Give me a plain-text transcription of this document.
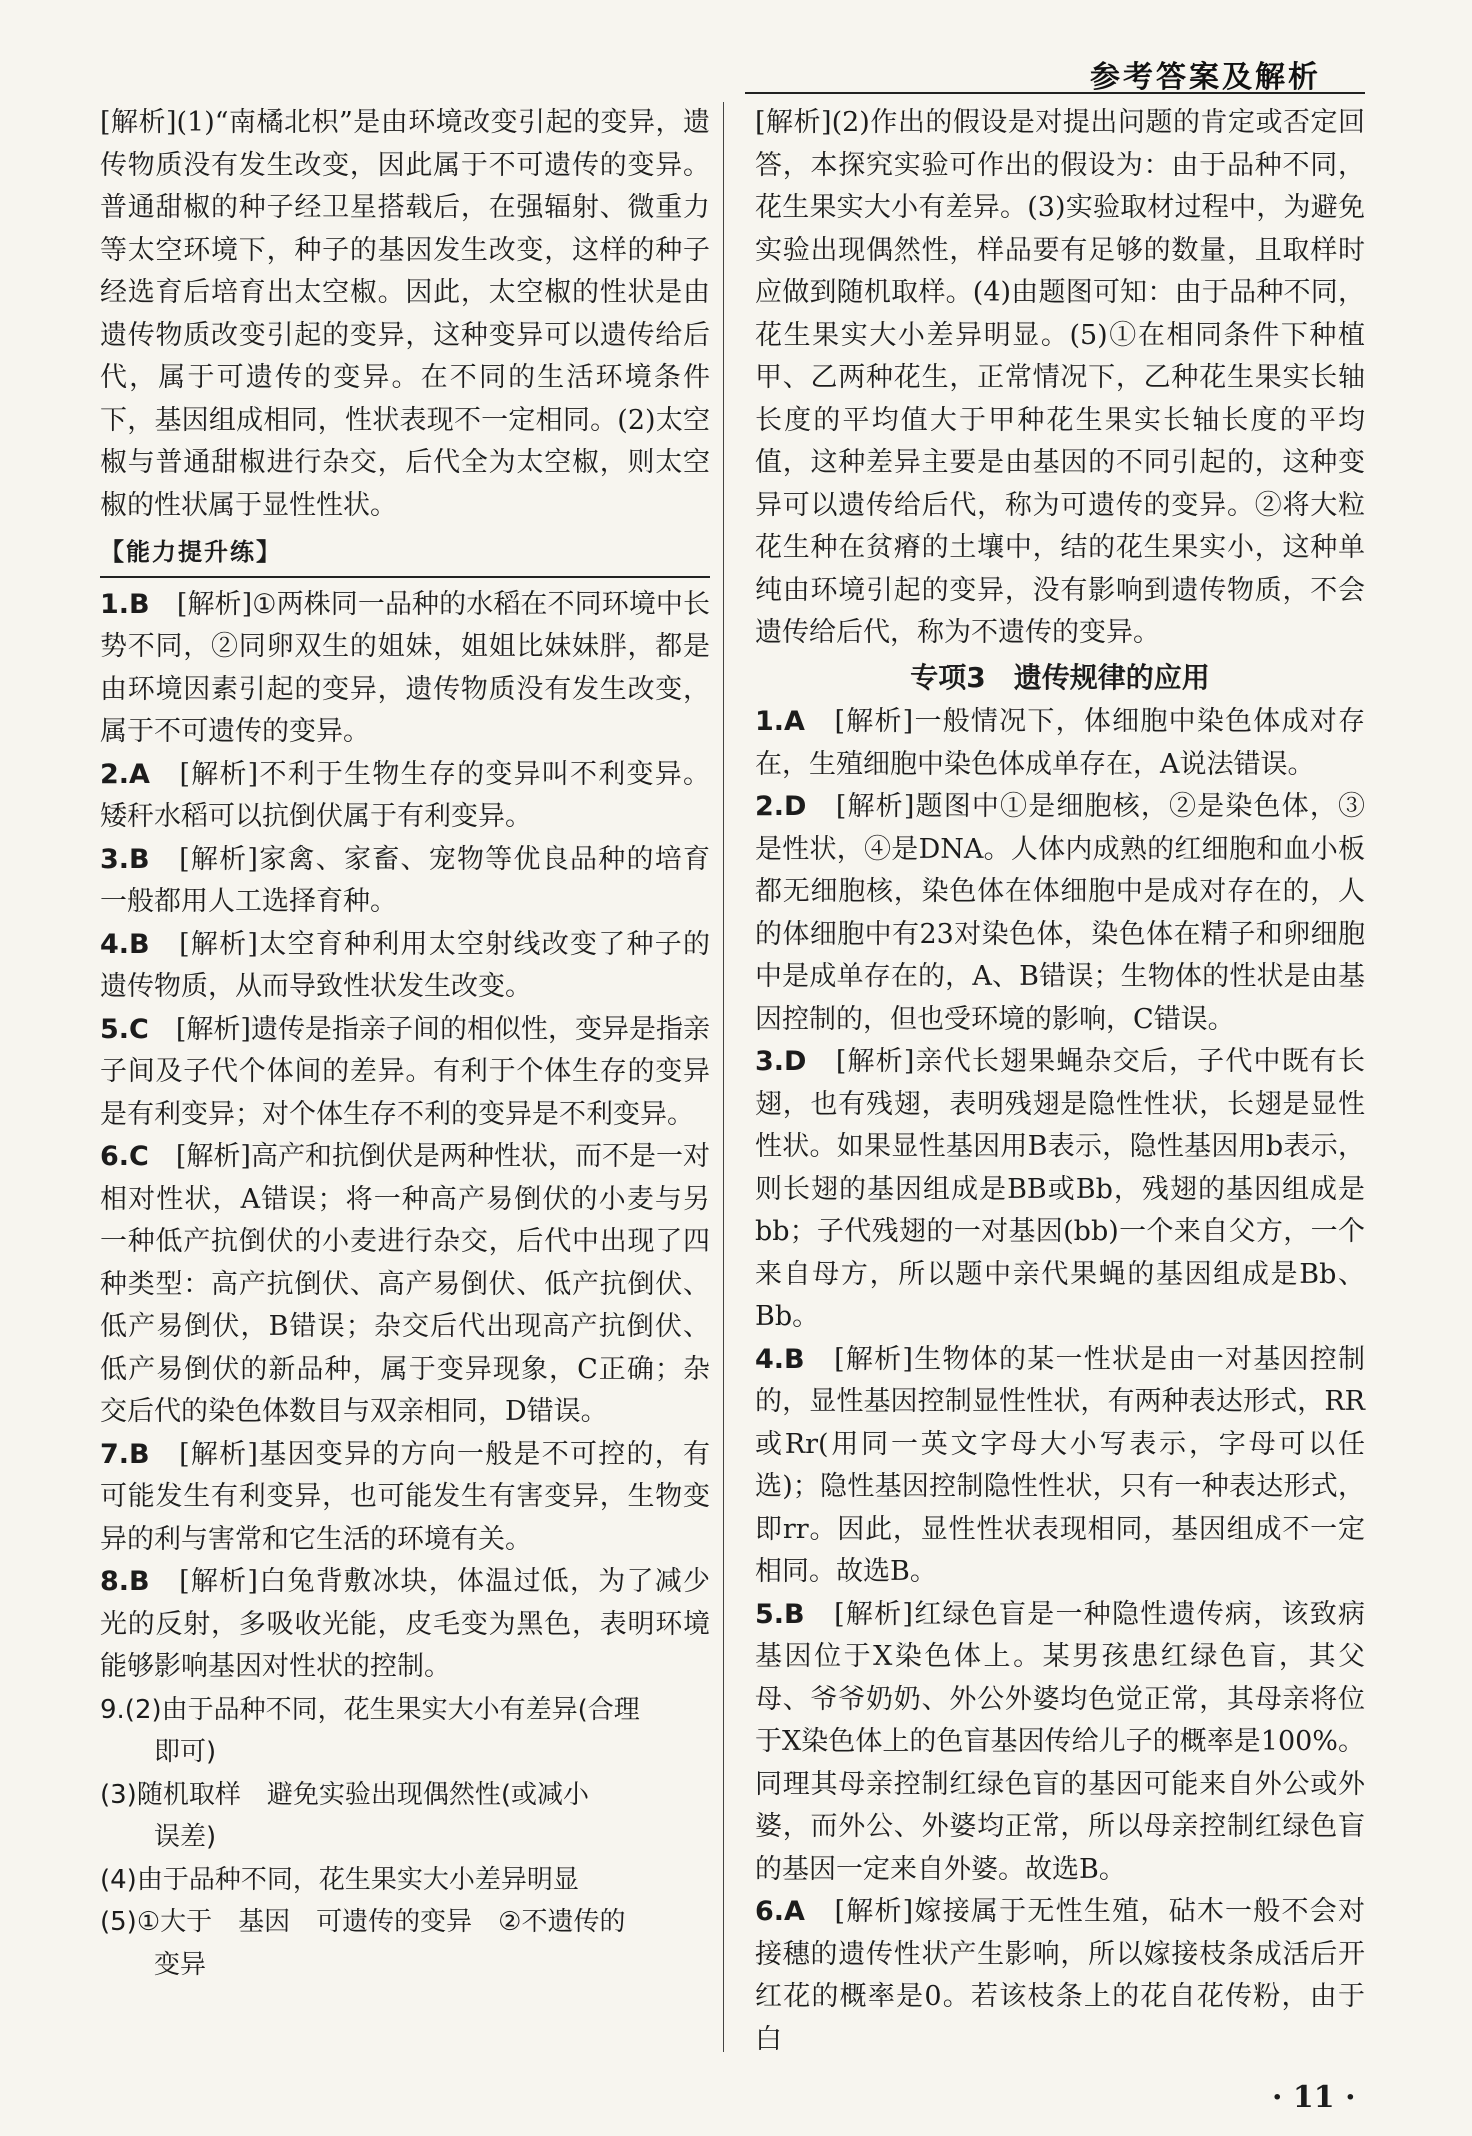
参考答案及解析

[解析](1)“南橘北枳”是由环境改变引起的变异，遗传物质没有发生改变，因此属于不可遗传的变异。普通甜椒的种子经卫星搭载后，在强辐射、微重力等太空环境下，种子的基因发生改变，这样的种子经选育后培育出太空椒。因此，太空椒的性状是由遗传物质改变引起的变异，这种变异可以遗传给后代，属于可遗传的变异。在不同的生活环境条件下，基因组成相同，性状表现不一定相同。(2)太空椒与普通甜椒进行杂交，后代全为太空椒，则太空椒的性状属于显性性状。

【能力提升练】

1.B　 [解析]①两株同一品种的水稻在不同环境中长势不同，②同卵双生的姐妹，姐姐比妹妹胖，都是由环境因素引起的变异，遗传物质没有发生改变，属于不可遗传的变异。

2.A　 [解析]不利于生物生存的变异叫不利变异。矮秆水稻可以抗倒伏属于有利变异。

3.B　 [解析]家禽、家畜、宠物等优良品种的培育一般都用人工选择育种。

4.B　 [解析]太空育种利用太空射线改变了种子的遗传物质，从而导致性状发生改变。

5.C　 [解析]遗传是指亲子间的相似性，变异是指亲子间及子代个体间的差异。有利于个体生存的变异是有利变异；对个体生存不利的变异是不利变异。

6.C　 [解析]高产和抗倒伏是两种性状，而不是一对相对性状，A错误；将一种高产易倒伏的小麦与另一种低产抗倒伏的小麦进行杂交，后代中出现了四种类型：高产抗倒伏、高产易倒伏、低产抗倒伏、低产易倒伏，B错误；杂交后代出现高产抗倒伏、低产易倒伏的新品种，属于变异现象，C正确；杂交后代的染色体数目与双亲相同，D错误。

7.B　 [解析]基因变异的方向一般是不可控的，有可能发生有利变异，也可能发生有害变异，生物变异的利与害常和它生活的环境有关。

8.B　 [解析]白兔背敷冰块，体温过低，为了减少光的反射，多吸收光能，皮毛变为黑色，表明环境能够影响基因对性状的控制。

9.(2)由于品种不同，花生果实大小有差异(合理
即可)
(3)随机取样　避免实验出现偶然性(或减小
误差)
(4)由于品种不同，花生果实大小差异明显
(5)①大于　基因　可遗传的变异　②不遗传的
变异

[解析](2)作出的假设是对提出问题的肯定或否定回答，本探究实验可作出的假设为：由于品种不同，花生果实大小有差异。(3)实验取材过程中，为避免实验出现偶然性，样品要有足够的数量，且取样时应做到随机取样。(4)由题图可知：由于品种不同，花生果实大小差异明显。(5)①在相同条件下种植甲、乙两种花生，正常情况下，乙种花生果实长轴长度的平均值大于甲种花生果实长轴长度的平均值，这种差异主要是由基因的不同引起的，这种变异可以遗传给后代，称为可遗传的变异。②将大粒花生种在贫瘠的土壤中，结的花生果实小，这种单纯由环境引起的变异，没有影响到遗传物质，不会遗传给后代，称为不遗传的变异。

专项3　遗传规律的应用

1.A　 [解析]一般情况下，体细胞中染色体成对存在，生殖细胞中染色体成单存在，A说法错误。

2.D　 [解析]题图中①是细胞核，②是染色体，③是性状，④是DNA。人体内成熟的红细胞和血小板都无细胞核，染色体在体细胞中是成对存在的，人的体细胞中有23对染色体，染色体在精子和卵细胞中是成单存在的，A、B错误；生物体的性状是由基因控制的，但也受环境的影响，C错误。

3.D　 [解析]亲代长翅果蝇杂交后，子代中既有长翅，也有残翅，表明残翅是隐性性状，长翅是显性性状。如果显性基因用B表示，隐性基因用b表示，则长翅的基因组成是BB或Bb，残翅的基因组成是bb；子代残翅的一对基因(bb)一个来自父方，一个来自母方，所以题中亲代果蝇的基因组成是Bb、Bb。

4.B　 [解析]生物体的某一性状是由一对基因控制的，显性基因控制显性性状，有两种表达形式，RR或Rr(用同一英文字母大小写表示，字母可以任选)；隐性基因控制隐性性状，只有一种表达形式，即rr。因此，显性性状表现相同，基因组成不一定相同。故选B。

5.B　 [解析]红绿色盲是一种隐性遗传病，该致病基因位于X染色体上。某男孩患红绿色盲，其父母、爷爷奶奶、外公外婆均色觉正常，其母亲将位于X染色体上的色盲基因传给儿子的概率是100%。同理其母亲控制红绿色盲的基因可能来自外公或外婆，而外公、外婆均正常，所以母亲控制红绿色盲的基因一定来自外婆。故选B。

6.A　 [解析]嫁接属于无性生殖，砧木一般不会对接穗的遗传性状产生影响，所以嫁接枝条成活后开红花的概率是0。若该枝条上的花自花传粉，由于白

· 11 ·
